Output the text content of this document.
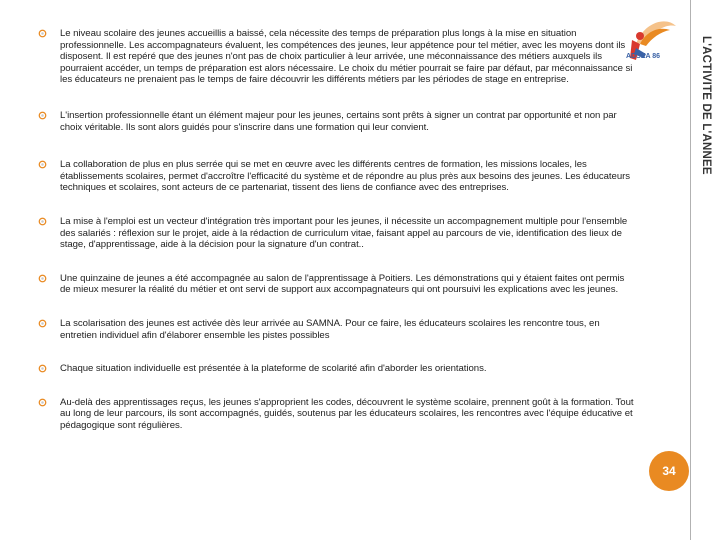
L'ACTIVITE DE L'ANNEE
ADSEA 86
Le niveau scolaire des jeunes accueillis a baissé, cela nécessite des temps de préparation plus longs à la mise en situation professionnelle. Les accompagnateurs évaluent, les compétences des jeunes, leur appétence pour tel métier, avec les moyens dont ils disposent. Il est repéré que des jeunes n'ont pas de choix particulier à leur arrivée, une méconnaissance des métiers auxquels ils pourraient accéder, un temps de préparation est alors nécessaire. Le choix du métier pourrait se faire par défaut, par méconnaissance si les éducateurs ne prenaient pas le temps de faire découvrir les différents métiers par les périodes de stage en entreprise.
L'insertion professionnelle étant un élément majeur pour les jeunes, certains sont prêts à signer un contrat par opportunité et non par choix véritable. Ils sont alors guidés pour s'inscrire dans une formation qui leur convient.
La collaboration de plus en plus serrée qui se met en œuvre avec les différents centres de formation, les missions locales, les établissements scolaires, permet d'accroître l'efficacité du système et de répondre au plus près aux besoins des jeunes. Les éducateurs techniques et scolaires, sont acteurs de ce partenariat, tissent des liens de confiance avec des entreprises.
La mise à l'emploi est un vecteur d'intégration très important pour les jeunes, il nécessite un accompagnement multiple pour l'ensemble des salariés : réflexion sur le projet, aide à la rédaction de curriculum vitae, faisant appel au parcours de vie, identification des lieux de stage, d'apprentissage, aide à la décision pour la signature d'un contrat..
Une quinzaine de jeunes a été accompagnée au salon de l'apprentissage à Poitiers. Les démonstrations qui y étaient faites ont permis de mieux mesurer la réalité du métier et ont servi de support aux accompagnateurs qui ont poursuivi les explications avec les jeunes.
La scolarisation des jeunes est activée dès leur arrivée au SAMNA. Pour ce faire, les éducateurs scolaires les rencontre tous, en entretien individuel afin d'élaborer ensemble les pistes possibles
Chaque situation individuelle est présentée à la plateforme de scolarité afin d'aborder les orientations.
Au-delà des apprentissages reçus, les jeunes s'approprient les codes, découvrent le système scolaire, prennent goût à la formation. Tout au long de leur parcours, ils sont accompagnés, guidés, soutenus par les éducateurs scolaires, les rencontres avec l'équipe éducative et pédagogique sont régulières.
34
